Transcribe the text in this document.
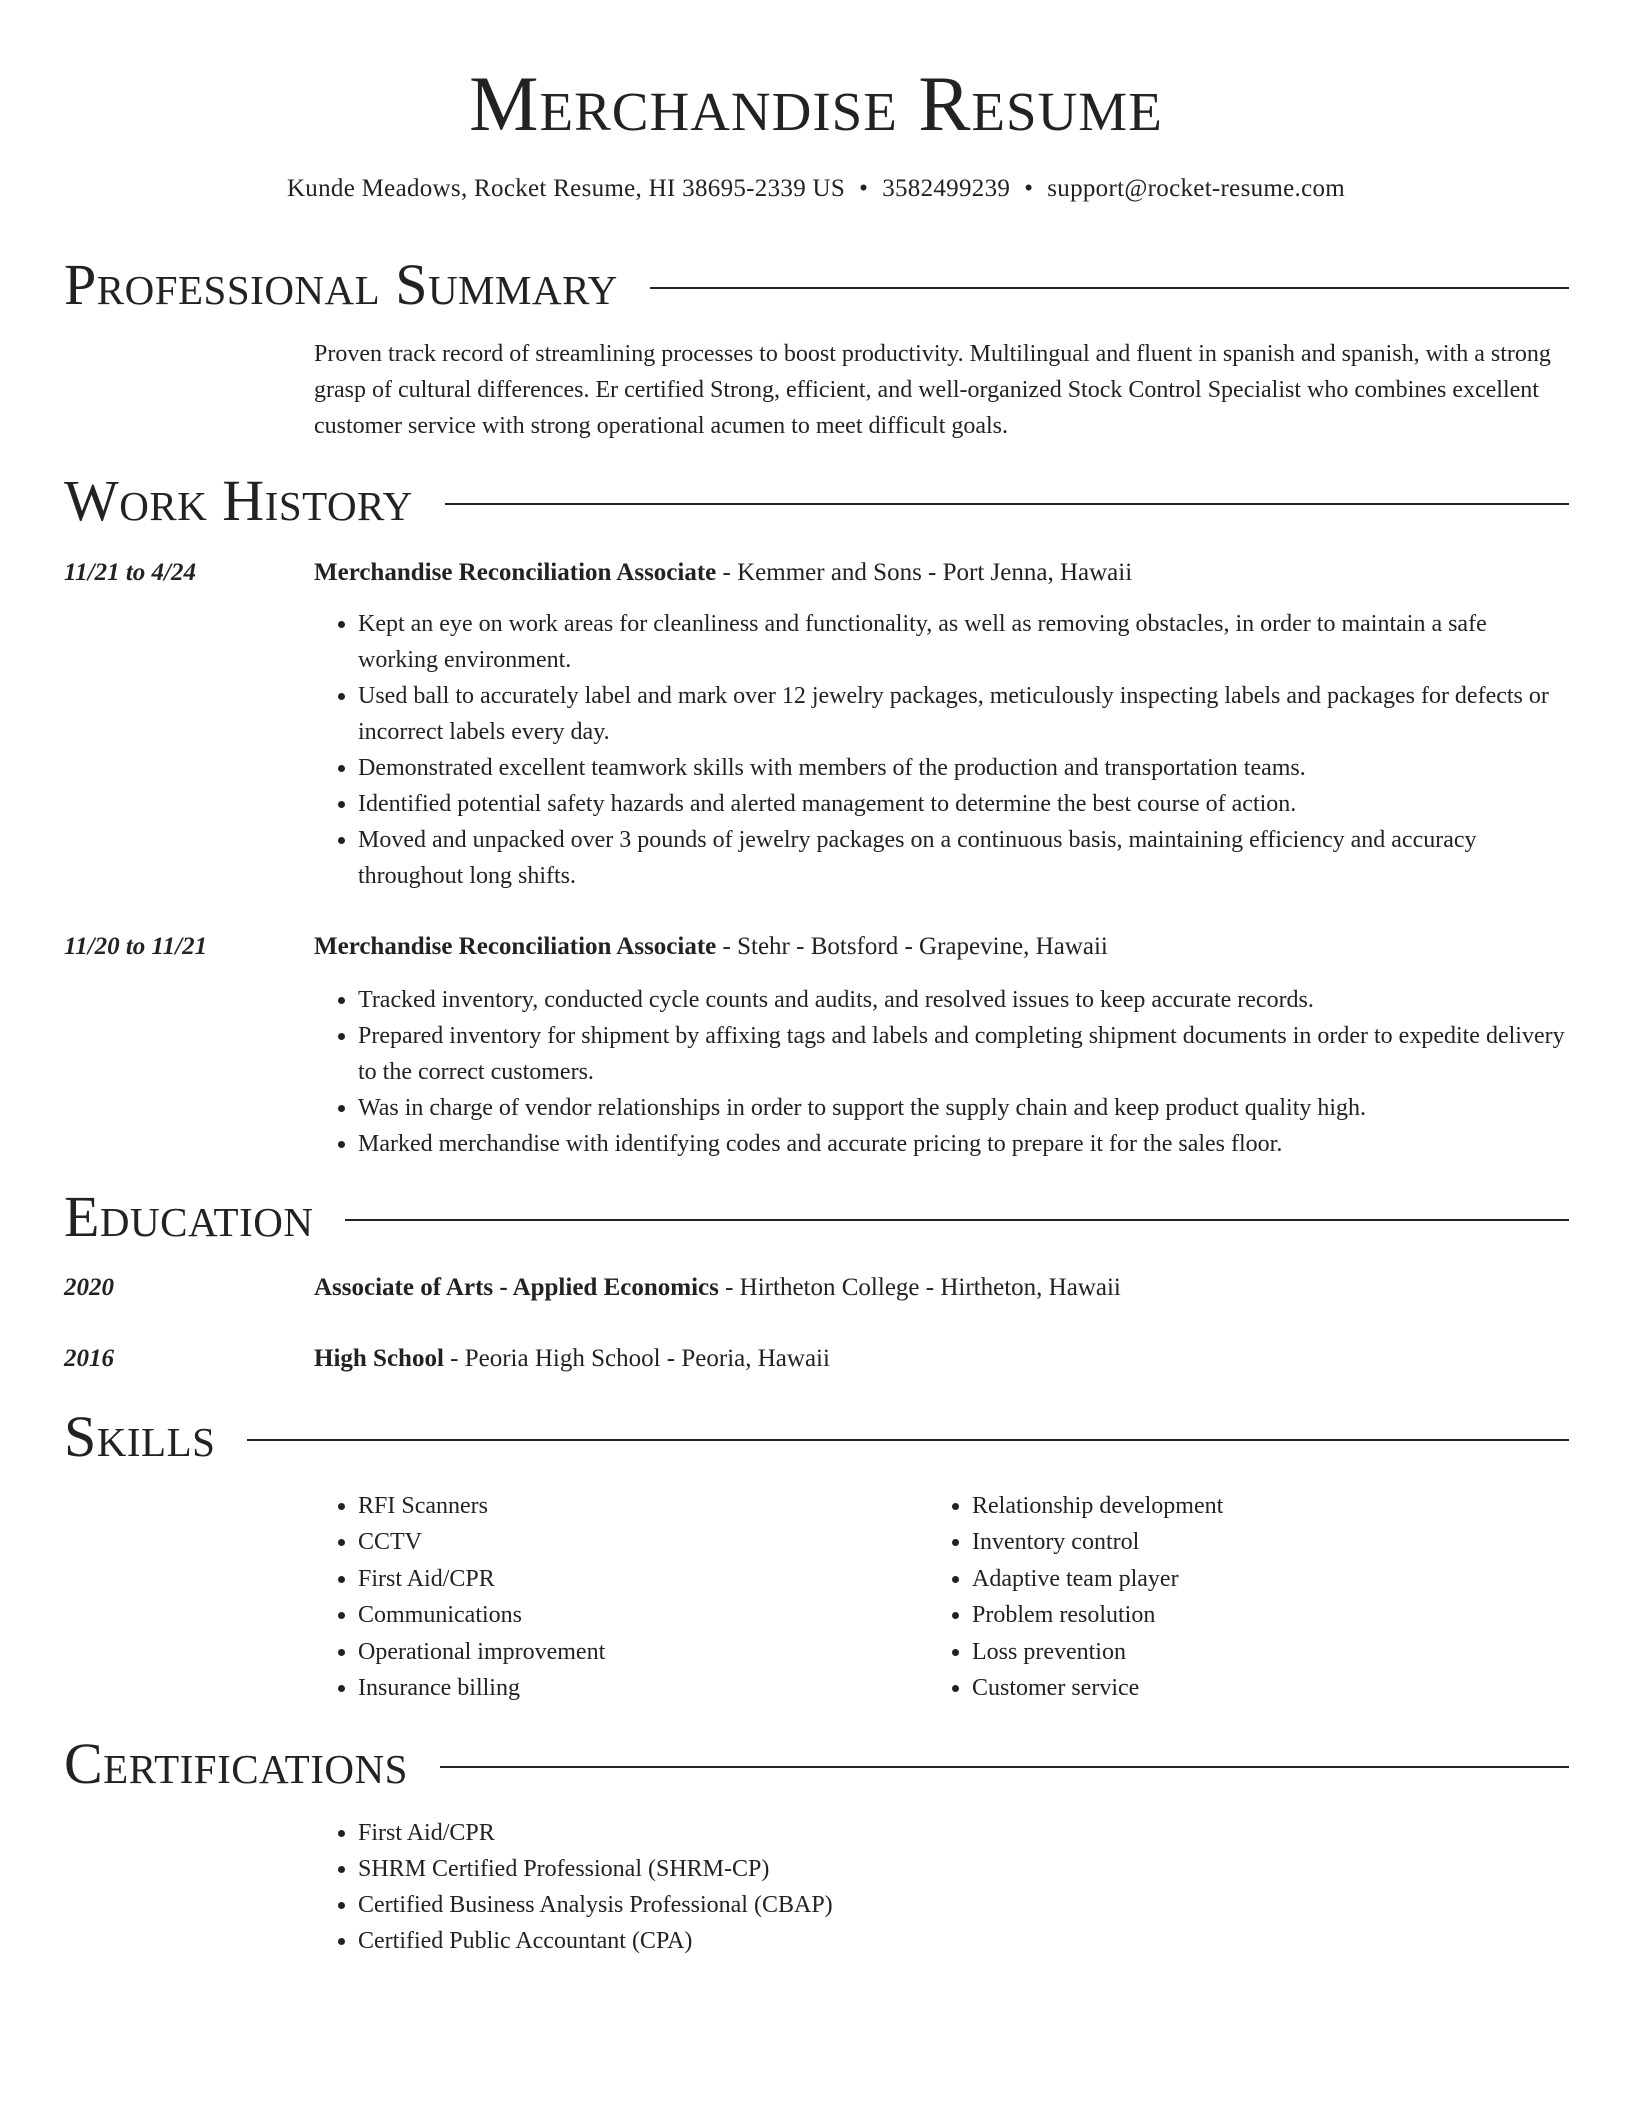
Merchandise Resume
Kunde Meadows, Rocket Resume, HI 38695-2339 US • 3582499239 • support@rocket-resume.com
Professional Summary
Proven track record of streamlining processes to boost productivity. Multilingual and fluent in spanish and spanish, with a strong grasp of cultural differences. Er certified Strong, efficient, and well-organized Stock Control Specialist who combines excellent customer service with strong operational acumen to meet difficult goals.
Work History
11/21 to 4/24	Merchandise Reconciliation Associate - Kemmer and Sons - Port Jenna, Hawaii
• Kept an eye on work areas for cleanliness and functionality, as well as removing obstacles, in order to maintain a safe working environment.
• Used ball to accurately label and mark over 12 jewelry packages, meticulously inspecting labels and packages for defects or incorrect labels every day.
• Demonstrated excellent teamwork skills with members of the production and transportation teams.
• Identified potential safety hazards and alerted management to determine the best course of action.
• Moved and unpacked over 3 pounds of jewelry packages on a continuous basis, maintaining efficiency and accuracy throughout long shifts.
11/20 to 11/21	Merchandise Reconciliation Associate - Stehr - Botsford - Grapevine, Hawaii
• Tracked inventory, conducted cycle counts and audits, and resolved issues to keep accurate records.
• Prepared inventory for shipment by affixing tags and labels and completing shipment documents in order to expedite delivery to the correct customers.
• Was in charge of vendor relationships in order to support the supply chain and keep product quality high.
• Marked merchandise with identifying codes and accurate pricing to prepare it for the sales floor.
Education
2020	Associate of Arts - Applied Economics - Hirtheton College - Hirtheton, Hawaii
2016	High School - Peoria High School - Peoria, Hawaii
Skills
• RFI Scanners
• CCTV
• First Aid/CPR
• Communications
• Operational improvement
• Insurance billing
• Relationship development
• Inventory control
• Adaptive team player
• Problem resolution
• Loss prevention
• Customer service
Certifications
• First Aid/CPR
• SHRM Certified Professional (SHRM-CP)
• Certified Business Analysis Professional (CBAP)
• Certified Public Accountant (CPA)
